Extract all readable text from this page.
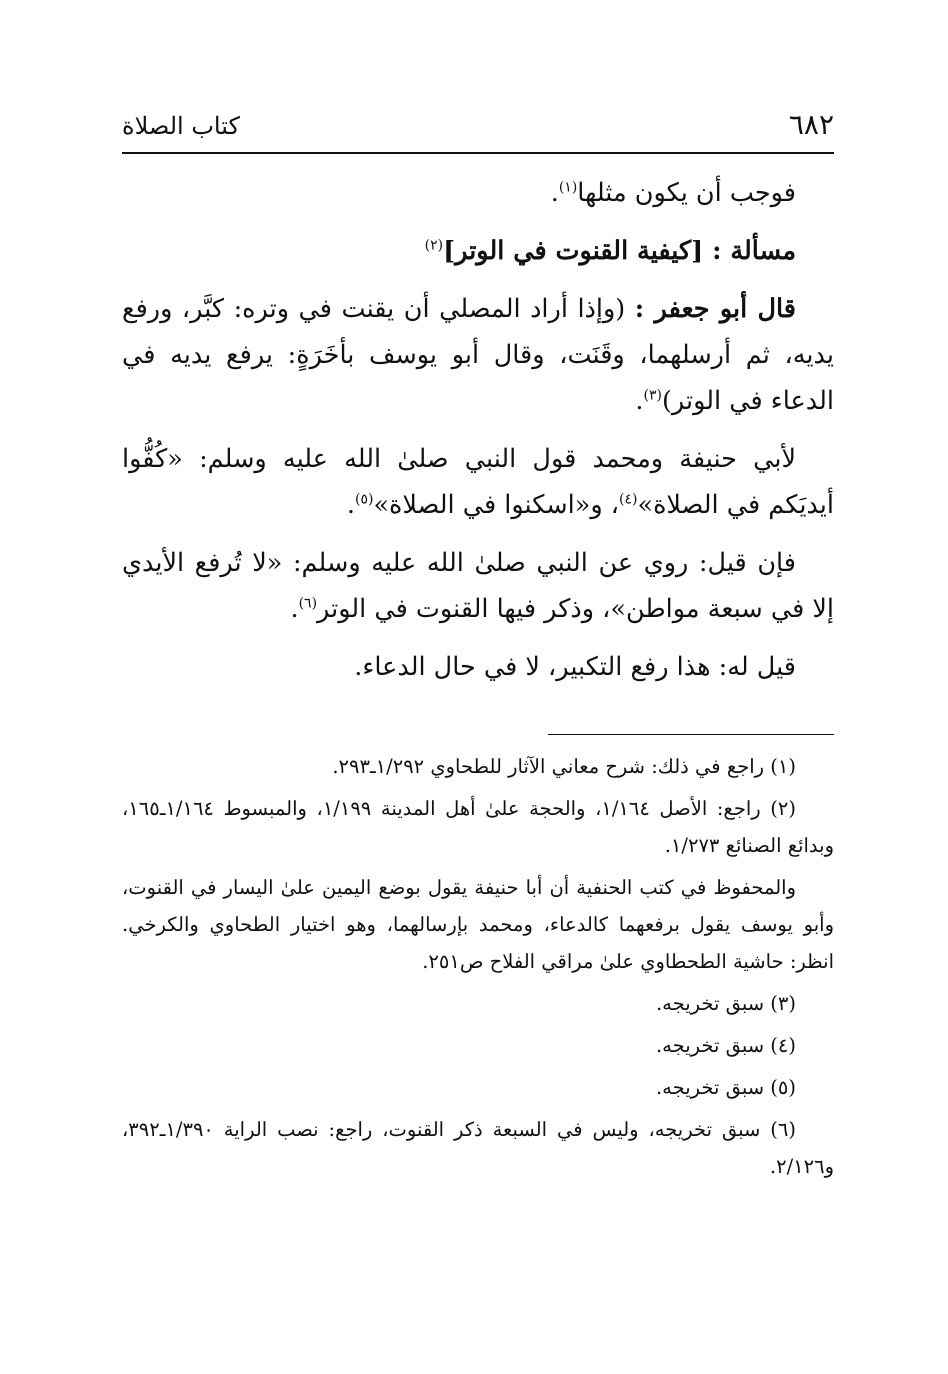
٦٨٢
كتاب الصلاة

فوجب أن يكون مثلها$^{(١)}$.

مسألة : [كيفية القنوت في الوتر]$^{(٢)}$

قال أبو جعفر : (وإذا أراد المصلي أن يقنت في وتره: كبَّر، ورفع يديه، ثم أرسلهما، وقَنَت، وقال أبو يوسف بأخَرَةٍ: يرفع يديه في الدعاء في الوتر)$^{(٣)}$.

لأبي حنيفة ومحمد قول النبي صلىٰ الله عليه وسلم: «كُفُّوا أيديَكم في الصلاة»$^{(٤)}$، و«اسكنوا في الصلاة»$^{(٥)}$.

فإن قيل: روي عن النبي صلىٰ الله عليه وسلم: «لا تُرفع الأيدي إلا في سبعة مواطن»، وذكر فيها القنوت في الوتر$^{(٦)}$.

قيل له: هذا رفع التكبير، لا في حال الدعاء.

(١) راجع في ذلك: شرح معاني الآثار للطحاوي ١/٢٩٢ـ٢٩٣.

(٢) راجع: الأصل ١/١٦٤، والحجة علىٰ أهل المدينة ١/١٩٩، والمبسوط ١/١٦٤ـ١٦٥، وبدائع الصنائع ١/٢٧٣.

والمحفوظ في كتب الحنفية أن أبا حنيفة يقول بوضع اليمين علىٰ اليسار في القنوت، وأبو يوسف يقول برفعهما كالدعاء، ومحمد بإرسالهما، وهو اختيار الطحاوي والكرخي. انظر: حاشية الطحطاوي علىٰ مراقي الفلاح ص٢٥١.

(٣) سبق تخريجه.

(٤) سبق تخريجه.

(٥) سبق تخريجه.

(٦) سبق تخريجه، وليس في السبعة ذكر القنوت، راجع: نصب الراية ١/٣٩٠ـ٣٩٢، و٢/١٢٦.
